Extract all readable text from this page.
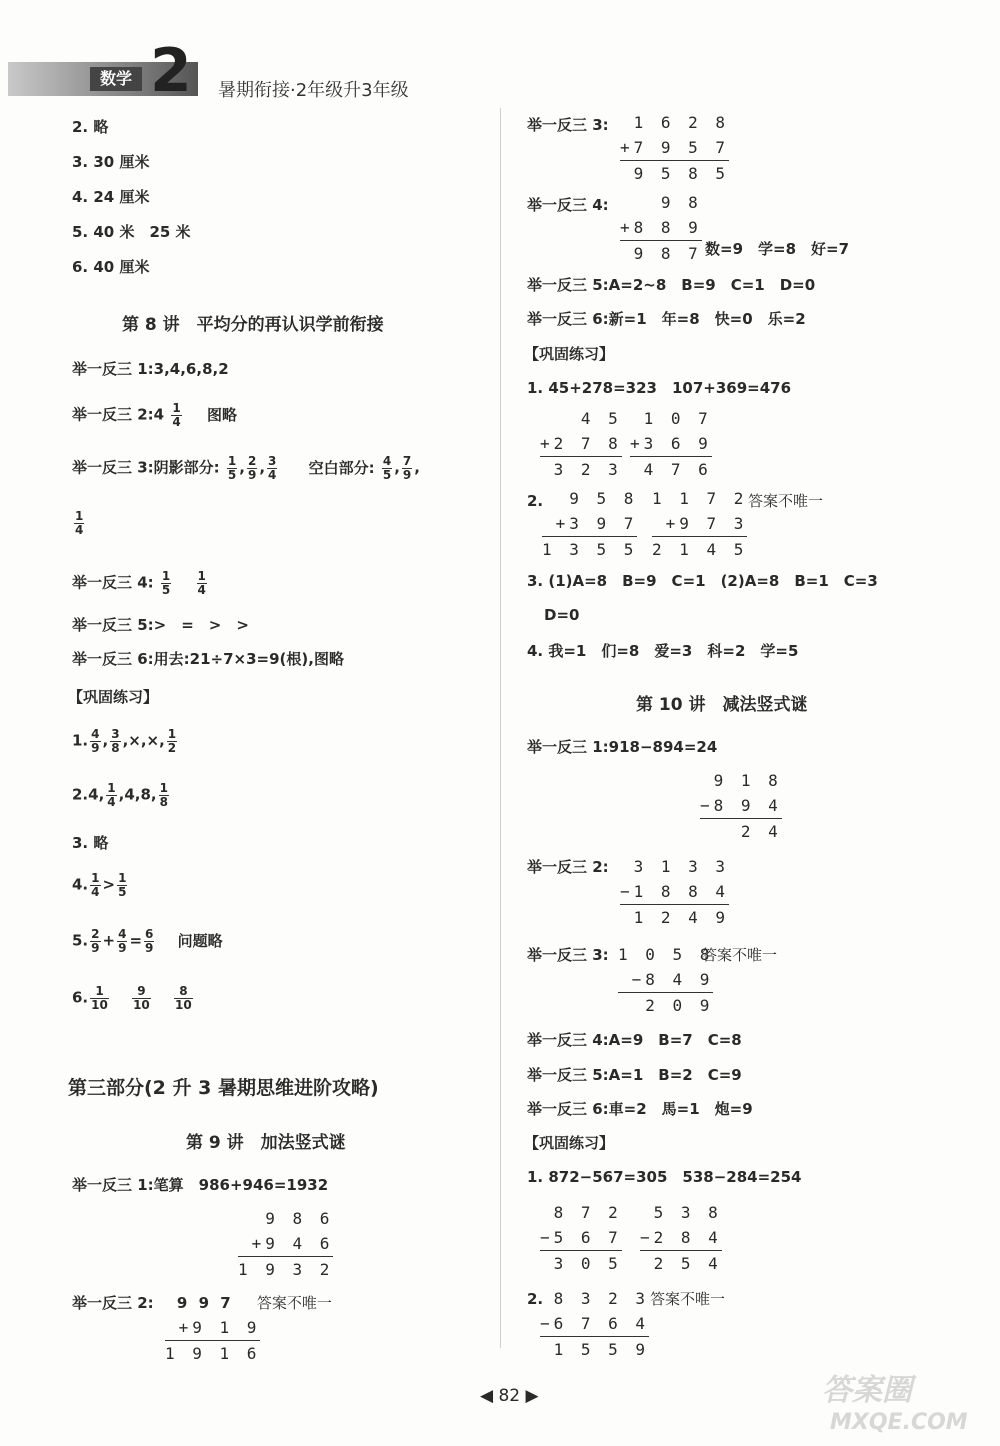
数学 2 暑期衔接·2年级升3年级
2. 略
3. 30 厘米
4. 24 厘米
5. 40 米　25 米
6. 40 厘米
第 8 讲　平均分的再认识学前衔接
举一反三 1:3,4,6,8,2
举一反三 2:4 $\frac{1}{4}$ 图略
举一反三 3:阴影部分: $\frac{1}{5}$ , $\frac{2}{9}$ , $\frac{3}{4}$ 空白部分: $\frac{4}{5}$ , $\frac{7}{9}$ ,
$\frac{1}{4}$
举一反三 4: $\frac{1}{5}$
$\frac{1}{4}$
举一反三 5:>　=　>　>
举一反三 6:用去:21÷7×3=9(根),图略
【巩固练习】
1. $\frac{4}{9}$ , $\frac{3}{8}$ ,×,×, $\frac{1}{2}$
2.4, $\frac{1}{4} ,4,8$, $\frac{1}{8}$
3. 略
4. $\frac{1}{4} > \frac{1}{5}$
5. $\frac{2}{9} + \frac{4}{9} = \frac{6}{9}$ 问题略
6. $\frac{1}{10}$
$\frac{9}{10}$
$\frac{8}{10}$
第三部分(2 升 3 暑期思维进阶攻略)
第 9 讲　加法竖式谜
举一反三 1:笔算　986+946=1932
9 8 6
+9 4 6
1 9 3 2
举一反三 2: 9 9 7 答案不唯一
+9 1 9
1 9 1 6
举一反三 3:	1 6 2 8
+7 9 5 7
9 5 8 5
举一反三 4:	9 8
+8 8 9
9 8 7 数=9　学=8　好=7
举一反三 5:A=2~8　B=9　C=1　D=0
举一反三 6:新=1　年=8　快=0　乐=2
【巩固练习】
1. 45+278=323　107+369=476
4 5
+2 7 8
3 2 3
1 0 7
+3 6 9
4 7 6
2.	9 5 8
+3 9 7
1 3 5 5
1 1 7 2
+9 7 3
2 1 4 5
答案不唯一
3. (1)A=8　B=9　C=1　(2)A=8　B=1　C=3
D=0
4. 我=1　们=8　爱=3　科=2　学=5
第 10 讲　减法竖式谜
举一反三 1:918−894=24
9 1 8
−8 9 4
2 4
举一反三 2:	3 1 3 3
−1 8 8 4
1 2 4 9
举一反三 3: 1 0 5 8
−8 4 9
2 0 9
答案不唯一
举一反三 4:A=9　B=7　C=8
举一反三 5:A=1　B=2　C=9
举一反三 6:車=2　馬=1　炮=9
【巩固练习】
1. 872−567=305　538−284=254
8 7 2
−5 6 7
3 0 5
5 3 8
−2 8 4
2 5 4
2. 8 3 2 3
−6 7 6 4
1 5 5 9
答案不唯一
◀ 82 ▶	答案圈
MXQE.COM
